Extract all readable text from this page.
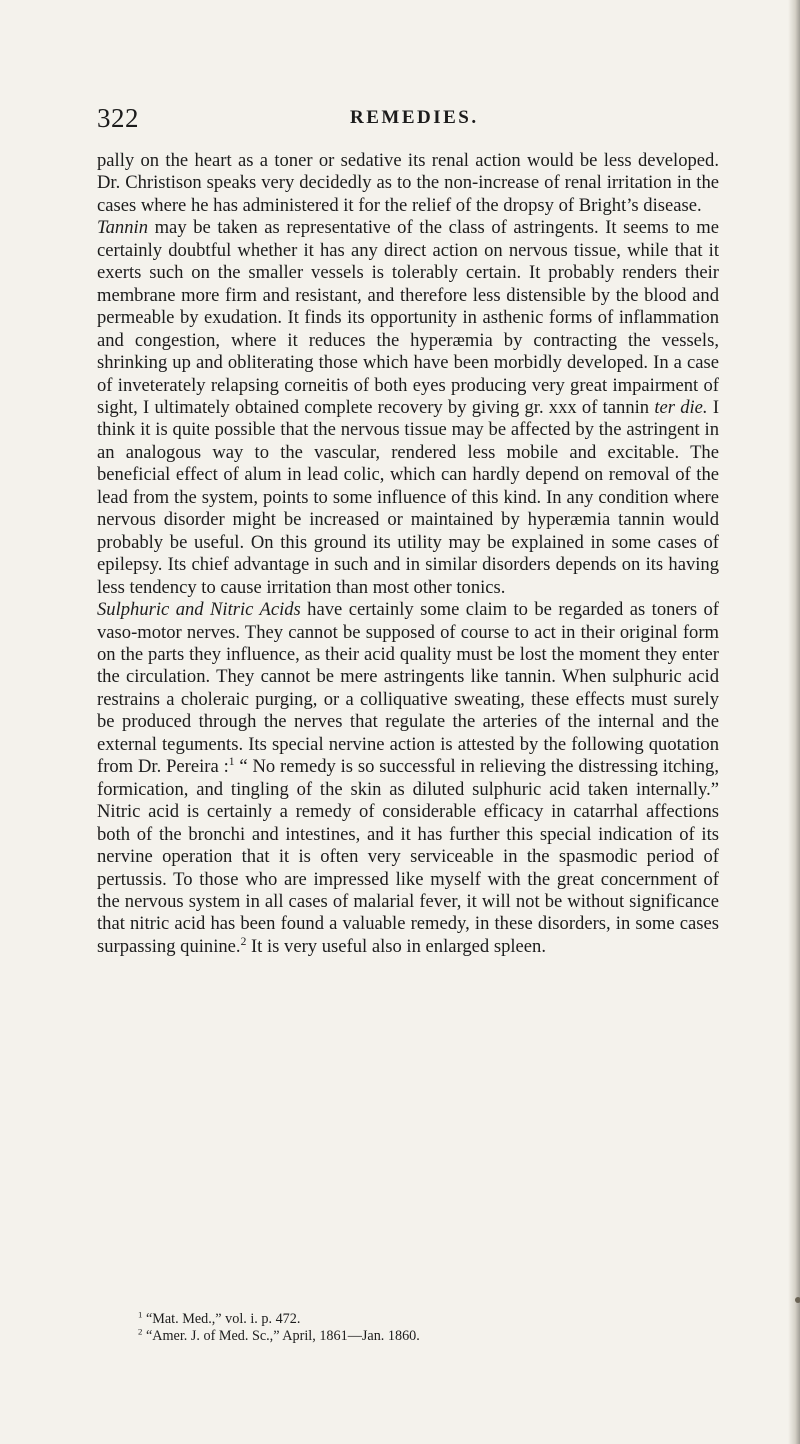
322	REMEDIES.

pally on the heart as a toner or sedative its renal action would be less developed. Dr. Christison speaks very decidedly as to the non-increase of renal irritation in the cases where he has administered it for the relief of the dropsy of Bright’s disease.

Tannin may be taken as representative of the class of astringents. It seems to me certainly doubtful whether it has any direct action on nervous tissue, while that it exerts such on the smaller vessels is tolerably certain. It probably renders their membrane more firm and resistant, and therefore less distensible by the blood and permeable by exudation. It finds its opportunity in asthenic forms of inflammation and congestion, where it reduces the hyperæmia by contracting the vessels, shrinking up and obliterating those which have been morbidly developed. In a case of inveterately relapsing corneitis of both eyes producing very great impairment of sight, I ultimately obtained complete recovery by giving gr. xxx of tannin ter die. I think it is quite possible that the nervous tissue may be affected by the astringent in an analogous way to the vascular, rendered less mobile and excitable. The beneficial effect of alum in lead colic, which can hardly depend on removal of the lead from the system, points to some influence of this kind. In any condition where nervous disorder might be increased or maintained by hyperæmia tannin would probably be useful. On this ground its utility may be explained in some cases of epilepsy. Its chief advantage in such and in similar disorders depends on its having less tendency to cause irritation than most other tonics.

Sulphuric and Nitric Acids have certainly some claim to be regarded as toners of vaso-motor nerves. They cannot be supposed of course to act in their original form on the parts they influence, as their acid quality must be lost the moment they enter the circulation. They cannot be mere astringents like tannin. When sulphuric acid restrains a choleraic purging, or a colliquative sweating, these effects must surely be produced through the nerves that regulate the arteries of the internal and the external teguments. Its special nervine action is attested by the following quotation from Dr. Pereira :$^1$ “ No remedy is so successful in relieving the distressing itching, formication, and tingling of the skin as diluted sulphuric acid taken internally.” Nitric acid is certainly a remedy of considerable efficacy in catarrhal affections both of the bronchi and intestines, and it has further this special indication of its nervine operation that it is often very serviceable in the spasmodic period of pertussis. To those who are impressed like myself with the great concernment of the nervous system in all cases of malarial fever, it will not be without significance that nitric acid has been found a valuable remedy, in these disorders, in some cases surpassing quinine.$^2$ It is very useful also in enlarged spleen.

$^1$ “Mat. Med.,” vol. i. p. 472.

$^2$ “Amer. J. of Med. Sc.,” April, 1861—Jan. 1860.
